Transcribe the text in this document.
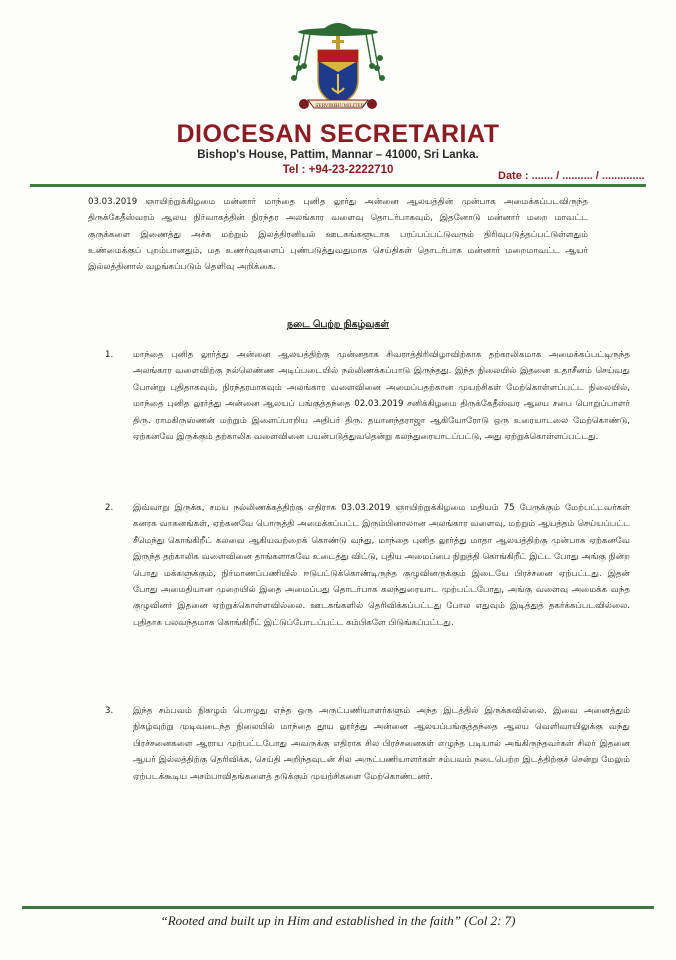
SERVIRE HUMILITER
DIOCESAN SECRETARIAT
Bishop's House, Pattim, Mannar – 41000, Sri Lanka.
Tel : +94-23-2222710	Date : ....... / .......... / ..............
03.03.2019 ஞாயிற்றுக்கிழமை மன்னார் மாந்தை புனித லூர்து அன்னை ஆலயத்தின் முன்பாக அமைக்கப்படவிருந்த திருக்கேதீஸ்வரம் ஆலய நிர்வாகத்தின் நிரந்தர அலங்கார வளைவு தொடர்பாகவும், இதனோடு மன்னார் மறை மாவட்ட குருக்களை இணைத்து அச்சு மற்றும் இலத்திரனியல் ஊடகங்களூடாக பரப்பப்பட்டுவரும் திரிவுபடுத்தப்பட்டுள்ளதும் உண்மைக்குப் புறம்பானதும், மத உணர்வுகளைப் புண்படுத்துவதுமாக செய்திகள் தொடர்பாக மன்னார் மறைமாவட்ட ஆயர் இல்லத்தினால் வழங்கப்படும் தெளிவு அறிக்கை.
நடை பெற்ற நிகழ்வுகள்
1. மாந்தை புனித லூர்த்து அன்னை ஆலயத்திற்கு முன்னதாக சிவராத்திரிவிழாவிற்காக தற்காலிகமாக அமைக்கப்பட்டிருந்த அலங்கார வளைவிற்கு நல்லெண்ண அடிப்படையில் நல்லிணக்கப்பாடு இருந்தது. இந்த நிலையில் இதனை உதாசீனம் செய்வது போன்று புதிதாகவும், நிரந்தரமாகவும் அலங்கார வளைவினை அமைப்பதற்கான முயற்சிகள் மேற்கொள்ளப்பட்ட நிலையில், மாந்தை புனித லூர்த்து அன்னை ஆலயப் பங்குத்தந்தை 02.03.2019 சனிக்கிழமை திருக்கேதீஸ்வர ஆலய சபை பொறுப்பாளர் திரு. ராமகிருஸ்ணன் மற்றும் இளைப்பாறிய அதிபர் திரு. தயானந்தராஜா ஆகியோரோடு ஒரு உரையாடலை மேற்கொண்டு, ஏற்கனவே இருக்கும் தற்காலிக வளைவினை பயன்படுத்துவதென்று கலந்துரையாடப்பட்டு, அது ஏற்றுக்கொள்ளப்பட்டது.
2. இவ்வாறு இருக்க, சமய நல்லிணக்கத்திற்கு எதிராக 03.03.2019 ஞாயிற்றுக்கிழமை மதியம் 75 பேருக்கும் மேற்பட்டவர்கள் கனரக வாகனங்கள், ஏற்கனவே பொருத்தி அமைக்கப்பட்ட இரும்பினாலான அலங்கார வளைவு, மற்றும் ஆயத்தம் செய்யப்பட்ட சீமெந்து கொங்கிறீட் கலவை ஆகியவற்றைக் கொண்டு வந்து, மாந்தை புனித லூர்த்து மாதா ஆலயத்திற்கு முன்பாக ஏற்கனவே இருந்த தற்காலிக வளைவினை தாங்களாகவே உடைத்து விட்டு, புதிய அமைப்பை நிறுத்தி கொங்கிறீட் இட்ட போது அங்கு நின்ற பொது மக்களுக்கும், நிர்மாணப்பணியில் ஈடுபட்டுக்கொண்டிருந்த குழுவினருக்கும் இடையே பிரச்சனை ஏற்பட்டது. இதன் போது அமைதியான முறையில் இதை அமைப்பது தொடர்பாக கலந்துரையாட முற்பட்டபோது, அங்கு வளைவு அமைக்க வந்த குழுவினர் இதனை ஏற்றுக்கொள்ளவில்லை. ஊடகங்களில் தெரிவிக்கப்பட்டது போல எதுவும் இடித்துத் தகர்க்கப்படவில்லை. புதிதாக பலவந்தமாக கொங்கிறீட் இட்டுப்போடப்பட்ட கம்பிகளே பிடுங்கப்பட்டது.
3. இந்த சம்பவம் நிகழும் பொழுது எந்த ஒரு அருட்பணியாளர்களும் அந்த இடத்தில் இருக்கவில்லை. இவை அனைத்தும் நிகழ்வுற்று முடிவடைந்த நிலையில் மாந்தை தூய லூர்த்து அன்னை ஆலயப்பங்குத்தந்தை ஆலய வெளிவாயிலுக்கு வந்து பிரச்சனைகளை ஆராய முற்பட்டபோது அவருக்கு எதிராக சில பிரச்சனைகள் எழுந்த படியால் அங்கிருந்தவர்கள் சிலர் இதனை ஆயர் இல்லத்திற்கு தெரிவிக்க, செய்தி அறிந்தவுடன் சில அருட்பணியாளர்கள் சம்பவம் நடைபெற்ற இடத்திற்குச் சென்று மேலும் ஏற்படக்கூடிய அசம்பாவிதங்களைத் தடுக்கும் முயற்சிகளை மேற்கொண்டனர்.
“Rooted and built up in Him and established in the faith” (Col 2: 7)
